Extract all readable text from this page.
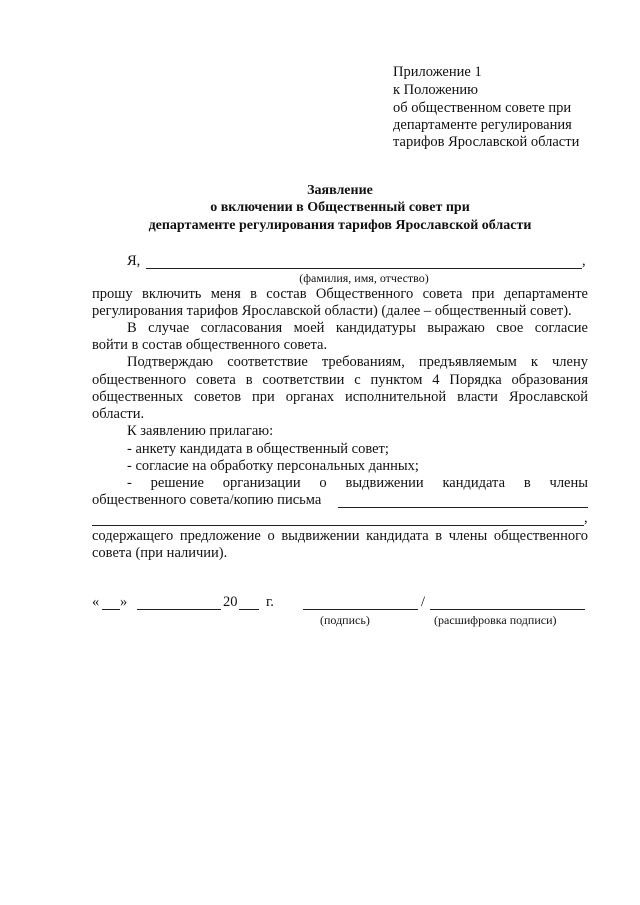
Приложение 1
к Положению
об общественном совете при
департаменте регулирования
тарифов Ярославской области
Заявление
о включении в Общественный совет при
департаменте регулирования тарифов Ярославской области
Я,	,
(фамилия, имя, отчество)
прошу включить меня в состав Общественного совета при департаменте
регулирования тарифов Ярославской области) (далее – общественный совет).
В случае согласования моей кандидатуры выражаю свое согласие
войти в состав общественного совета.
Подтверждаю соответствие требованиям, предъявляемым к члену
общественного совета в соответствии с пунктом 4 Порядка образования
общественных советов при органах исполнительной власти Ярославской
области.
К заявлению прилагаю:
- анкету кандидата в общественный совет;
- согласие на обработку персональных данных;
- решение организации о выдвижении кандидата в члены
общественного совета/копию письма
,
содержащего предложение о выдвижении кандидата в члены общественного
совета (при наличии).
« »	20 г.	/
(подпись)	(расшифровка подписи)
